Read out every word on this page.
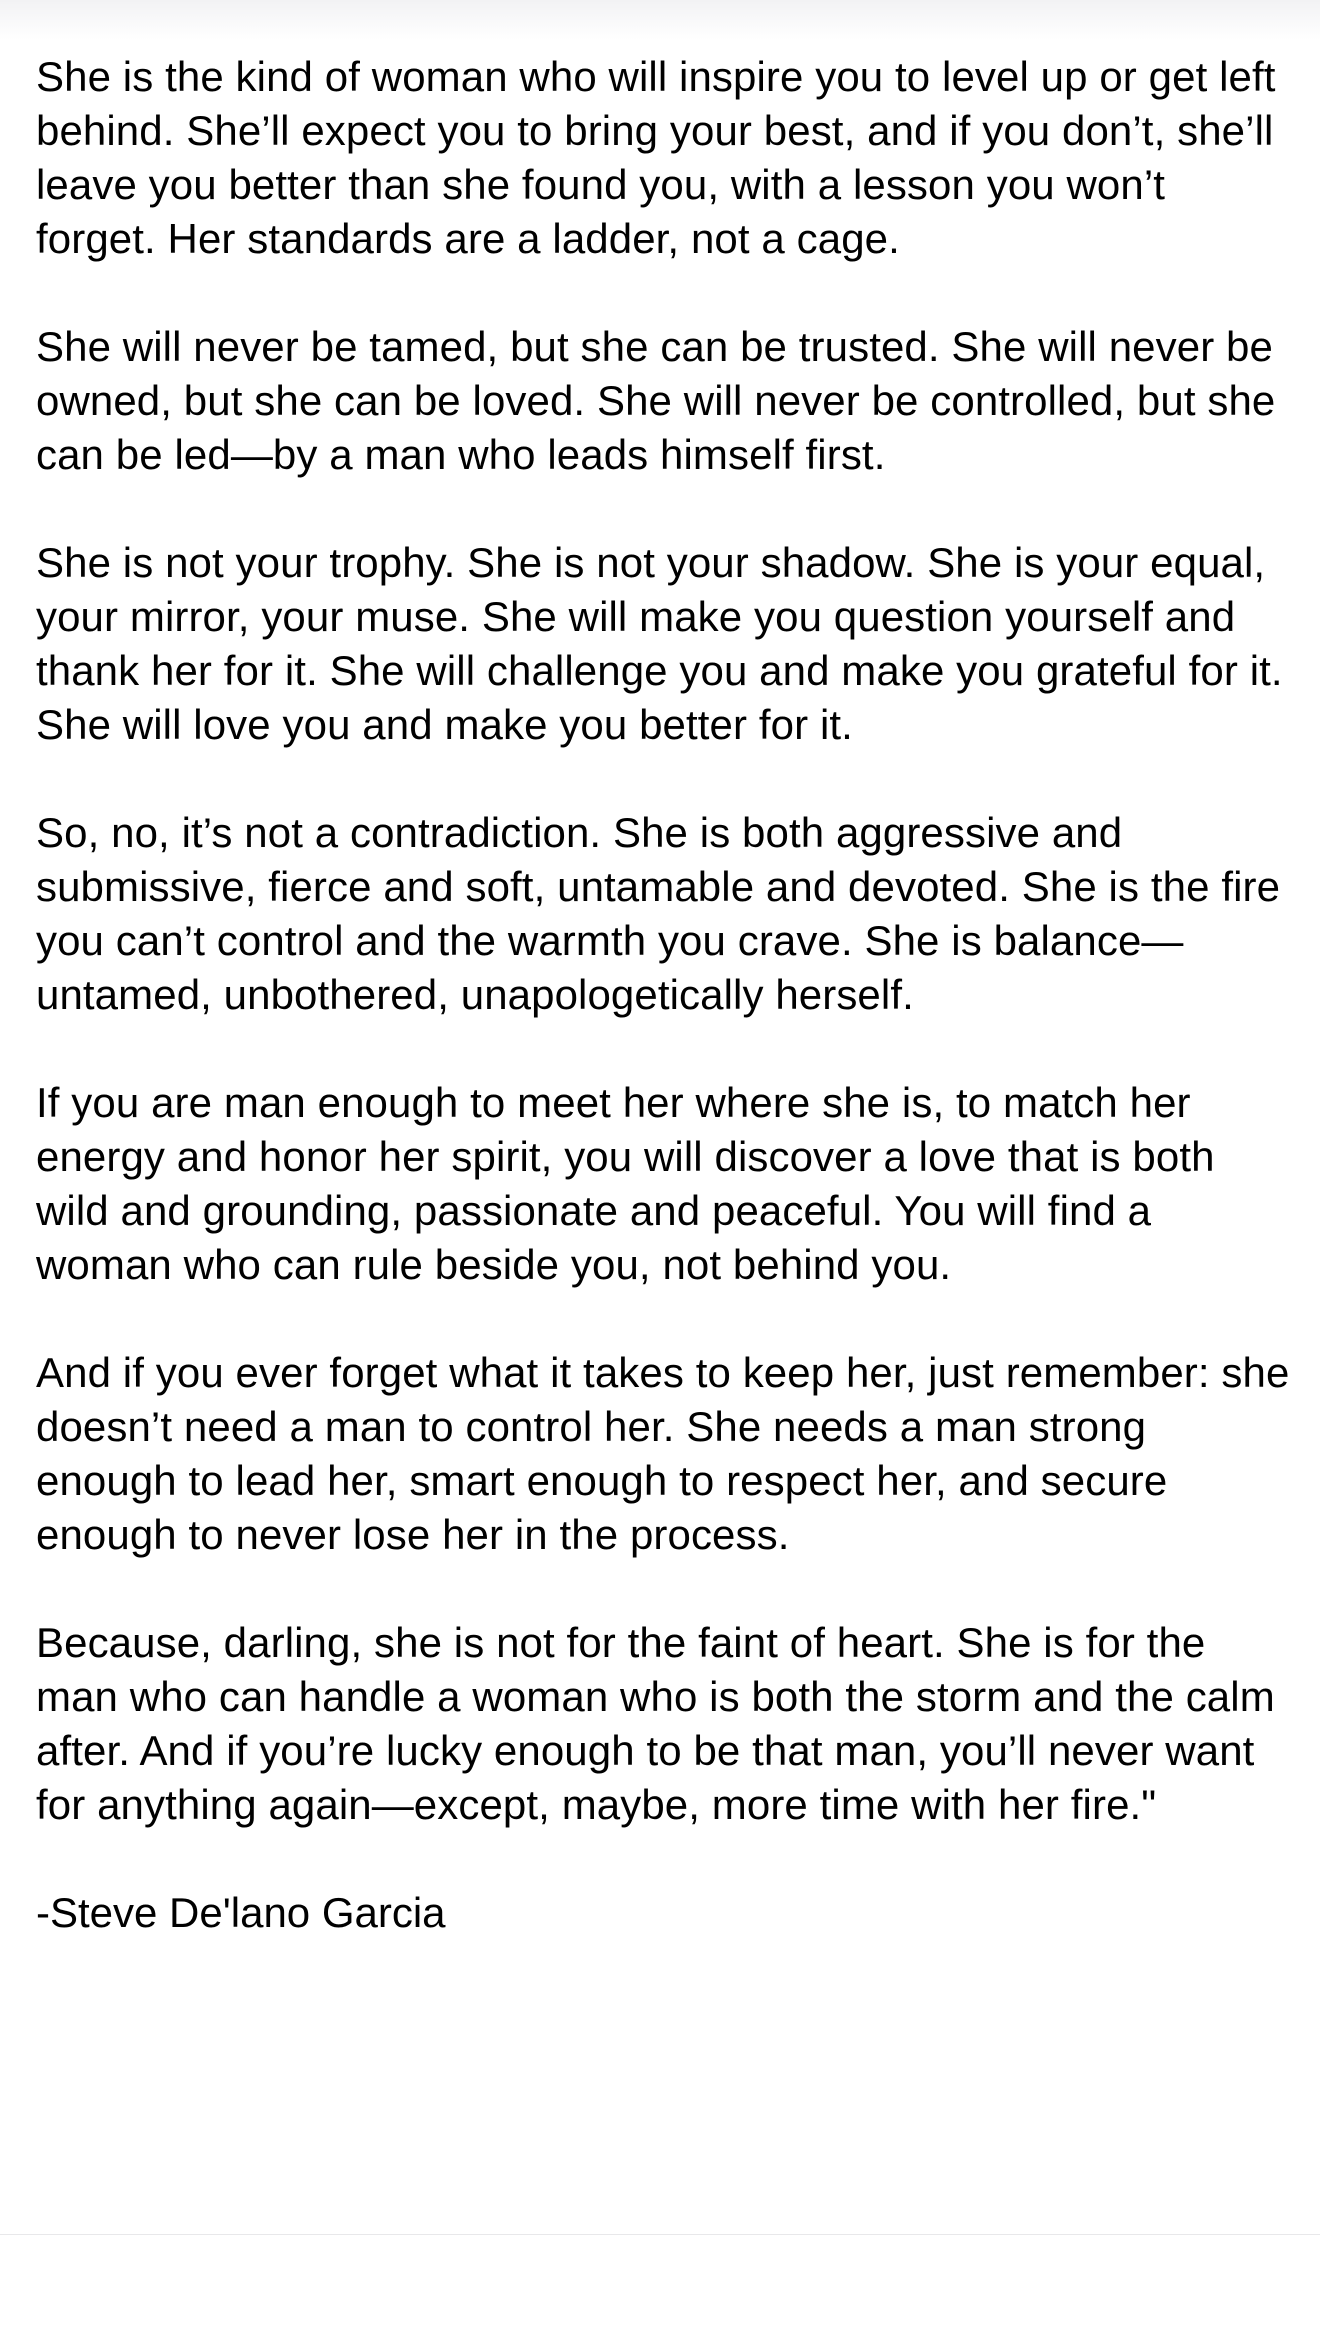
She is the kind of woman who will inspire you to level up or get left behind. She’ll expect you to bring your best, and if you don’t, she’ll leave you better than she found you, with a lesson you won’t forget. Her standards are a ladder, not a cage.

She will never be tamed, but she can be trusted. She will never be owned, but she can be loved. She will never be controlled, but she can be led—by a man who leads himself first.

She is not your trophy. She is not your shadow. She is your equal, your mirror, your muse. She will make you question yourself and thank her for it. She will challenge you and make you grateful for it. She will love you and make you better for it.

So, no, it’s not a contradiction. She is both aggressive and submissive, fierce and soft, untamable and devoted. She is the fire you can’t control and the warmth you crave. She is balance—untamed, unbothered, unapologetically herself.

If you are man enough to meet her where she is, to match her energy and honor her spirit, you will discover a love that is both wild and grounding, passionate and peaceful. You will find a woman who can rule beside you, not behind you.

And if you ever forget what it takes to keep her, just remember: she doesn’t need a man to control her. She needs a man strong enough to lead her, smart enough to respect her, and secure enough to never lose her in the process.

Because, darling, she is not for the faint of heart. She is for the man who can handle a woman who is both the storm and the calm after. And if you’re lucky enough to be that man, you’ll never want for anything again—except, maybe, more time with her fire."

-Steve De'lano Garcia
